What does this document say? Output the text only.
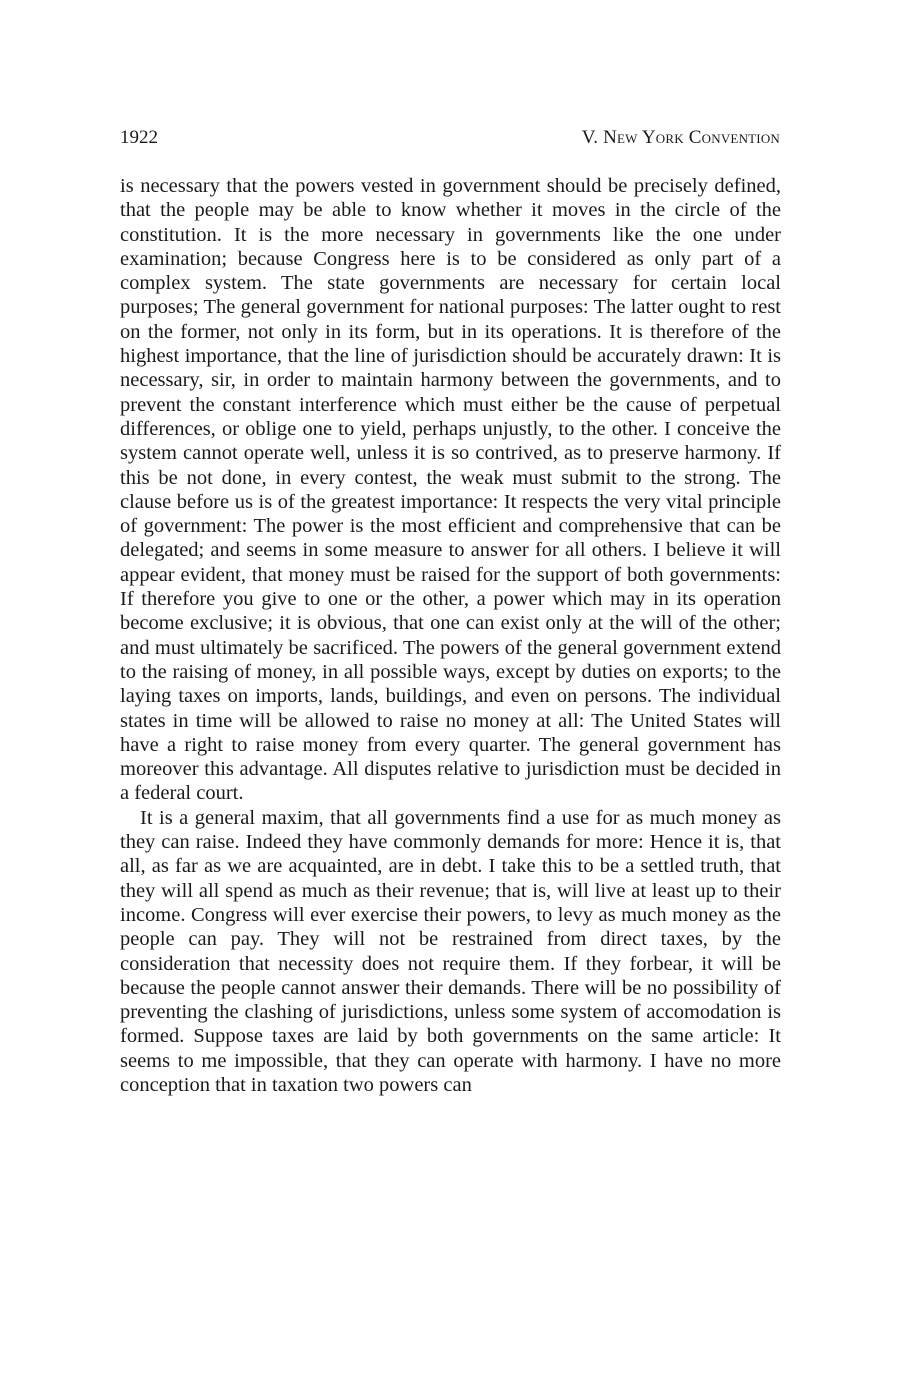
1922	V. New York Convention

is necessary that the powers vested in government should be precisely defined, that the people may be able to know whether it moves in the circle of the constitution. It is the more necessary in governments like the one under examination; because Congress here is to be considered as only part of a complex system. The state governments are necessary for certain local purposes; The general government for national purposes: The latter ought to rest on the former, not only in its form, but in its operations. It is therefore of the highest importance, that the line of jurisdiction should be accurately drawn: It is necessary, sir, in order to maintain harmony between the governments, and to prevent the constant interference which must either be the cause of perpetual differences, or oblige one to yield, perhaps unjustly, to the other. I conceive the system cannot operate well, unless it is so contrived, as to preserve harmony. If this be not done, in every contest, the weak must submit to the strong. The clause before us is of the greatest importance: It respects the very vital principle of government: The power is the most efficient and comprehensive that can be delegated; and seems in some measure to answer for all others. I believe it will appear evident, that money must be raised for the support of both governments: If therefore you give to one or the other, a power which may in its operation become exclusive; it is obvious, that one can exist only at the will of the other; and must ultimately be sacrificed. The powers of the general government extend to the raising of money, in all possible ways, except by duties on exports; to the laying taxes on imports, lands, buildings, and even on persons. The individual states in time will be allowed to raise no money at all: The United States will have a right to raise money from every quarter. The general government has moreover this advantage. All disputes relative to jurisdiction must be decided in a federal court.

It is a general maxim, that all governments find a use for as much money as they can raise. Indeed they have commonly demands for more: Hence it is, that all, as far as we are acquainted, are in debt. I take this to be a settled truth, that they will all spend as much as their revenue; that is, will live at least up to their income. Congress will ever exercise their powers, to levy as much money as the people can pay. They will not be restrained from direct taxes, by the consideration that necessity does not require them. If they forbear, it will be because the people cannot answer their demands. There will be no possibility of preventing the clashing of jurisdictions, unless some system of accomodation is formed. Suppose taxes are laid by both governments on the same article: It seems to me impossible, that they can operate with harmony. I have no more conception that in taxation two powers can
